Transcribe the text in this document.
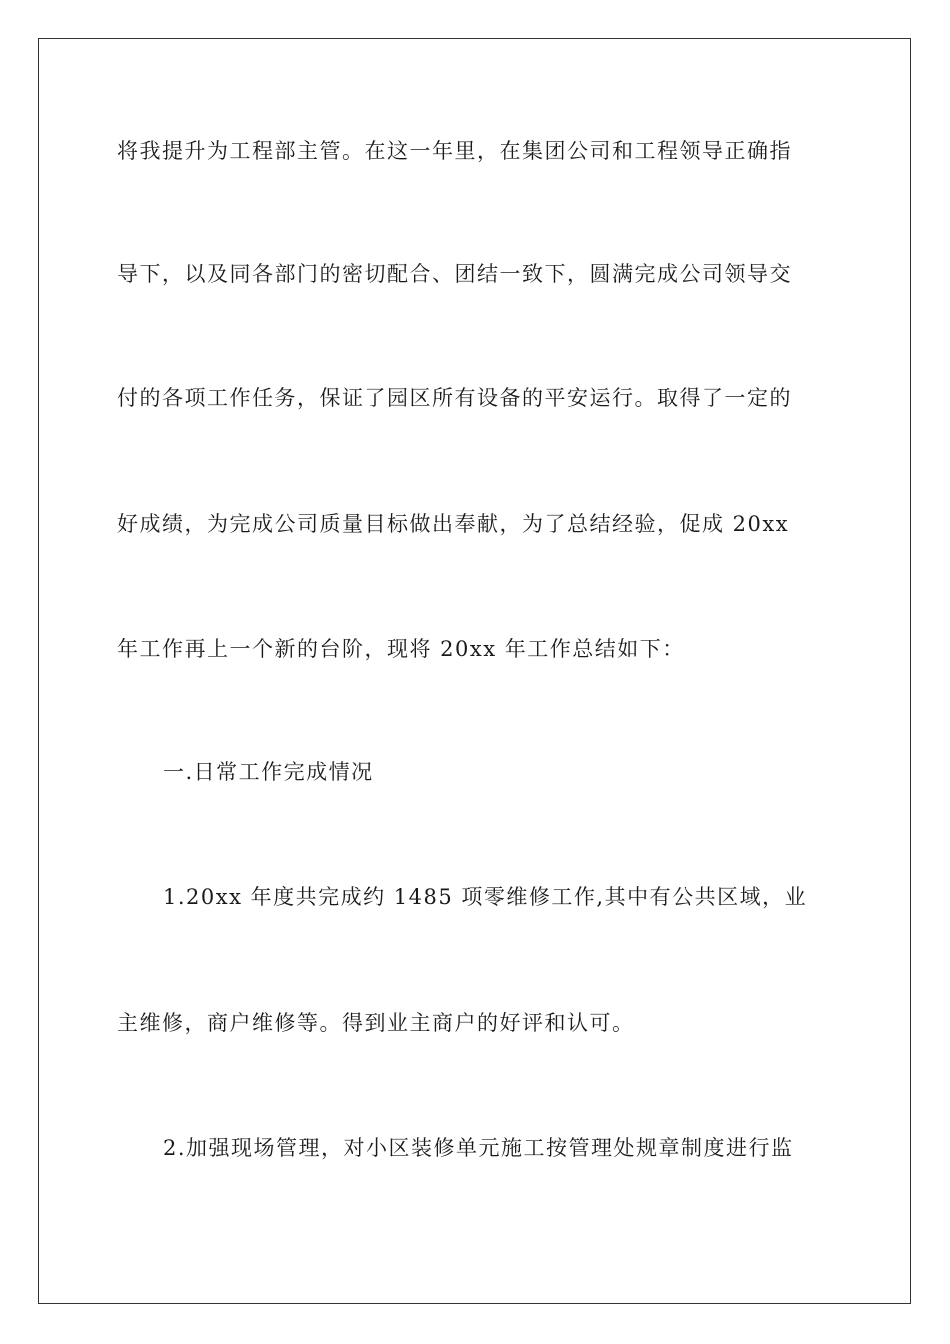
将我提升为工程部主管。在这一年里，在集团公司和工程领导正确指
导下，以及同各部门的密切配合、团结一致下，圆满完成公司领导交
付的各项工作任务，保证了园区所有设备的平安运行。取得了一定的
好成绩，为完成公司质量目标做出奉献，为了总结经验，促成 20xx
年工作再上一个新的台阶，现将 20xx 年工作总结如下：
一.日常工作完成情况
1.20xx 年度共完成约 1485 项零维修工作,其中有公共区域，业
主维修，商户维修等。得到业主商户的好评和认可。
2.加强现场管理，对小区装修单元施工按管理处规章制度进行监
